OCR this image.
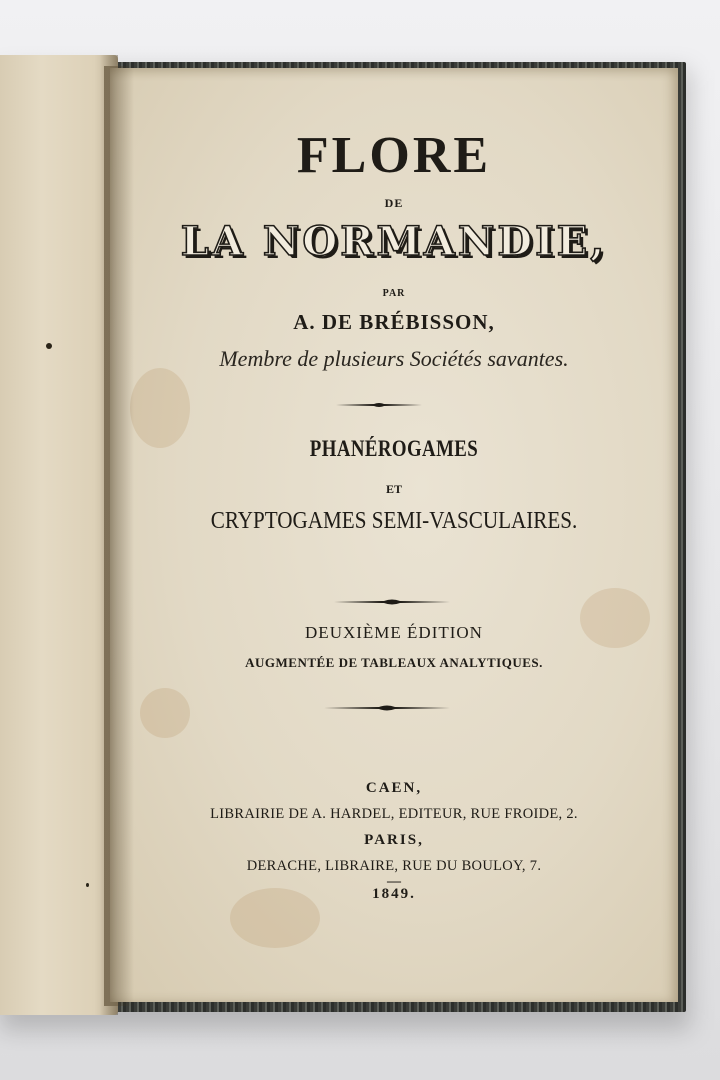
FLORE
DE
LA NORMANDIE,
PAR
A. DE BRÉBISSON,
Membre de plusieurs Sociétés savantes.
PHANÉROGAMES
ET
CRYPTOGAMES SEMI-VASCULAIRES.
DEUXIÈME ÉDITION
AUGMENTÉE DE TABLEAUX ANALYTIQUES.
CAEN,
LIBRAIRIE DE A. HARDEL, EDITEUR, RUE FROIDE, 2.
PARIS,
DERACHE, LIBRAIRE, RUE DU BOULOY, 7.
—
1849.
